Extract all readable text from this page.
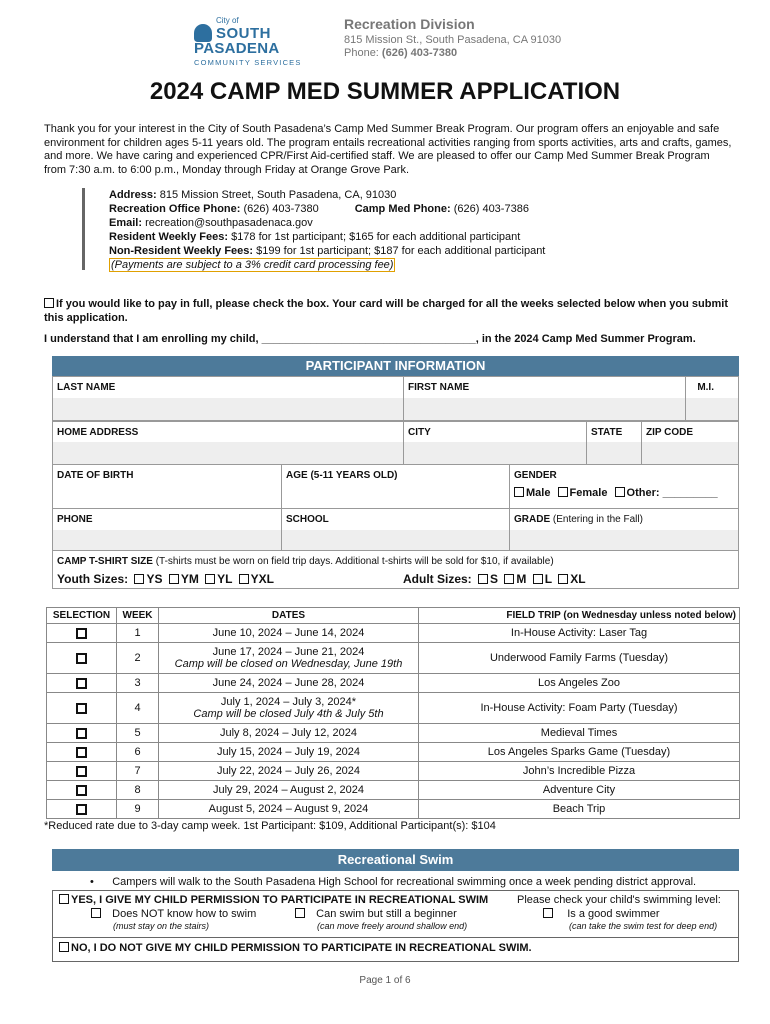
City of
SOUTH
PASADENA
COMMUNITY SERVICES
Recreation Division
815 Mission St., South Pasadena, CA 91030
Phone: (626) 403-7380
2024 CAMP MED SUMMER APPLICATION
Thank you for your interest in the City of South Pasadena’s Camp Med Summer Break Program. Our program offers an enjoyable and safe environment for children ages 5-11 years old. The program entails recreational activities ranging from sports activities, arts and crafts, games, and more. We have caring and experienced CPR/First Aid-certified staff. We are pleased to offer our Camp Med Summer Break Program from 7:30 a.m. to 6:00 p.m., Monday through Friday at Orange Grove Park.
Address: 815 Mission Street, South Pasadena, CA, 91030
Recreation Office Phone: (626) 403-7380	Camp Med Phone: (626) 403-7386
Email: recreation@southpasadenaca.gov
Resident Weekly Fees: $178 for 1st participant; $165 for each additional participant
Non-Resident Weekly Fees: $199 for 1st participant; $187 for each additional participant
(Payments are subject to a 3% credit card processing fee)
If you would like to pay in full, please check the box. Your card will be charged for all the weeks selected below when you submit this application.
I understand that I am enrolling my child, ___________________________________, in the 2024 Camp Med Summer Program.
PARTICIPANT INFORMATION
LAST NAME	FIRST NAME	M.I.
HOME ADDRESS	CITY	STATE ZIP CODE
DATE OF BIRTH	AGE (5-11 YEARS OLD)	GENDER
Male Female Other: _________
PHONE	SCHOOL	GRADE (Entering in the Fall)
CAMP T-SHIRT SIZE (T-shirts must be worn on field trip days. Additional t-shirts will be sold for $10, if available)
Youth Sizes: YS YM YL YXL	Adult Sizes: S M L XL
SELECTION	WEEK	DATES	FIELD TRIP (on Wednesday unless noted below)
	1	June 10, 2024 – June 14, 2024	In-House Activity: Laser Tag
	2	June 17, 2024 – June 21, 2024
Camp will be closed on Wednesday, June 19th	Underwood Family Farms (Tuesday)
	3	June 24, 2024 – June 28, 2024	Los Angeles Zoo
	4	July 1, 2024 – July 3, 2024*
Camp will be closed July 4th & July 5th	In-House Activity: Foam Party (Tuesday)
	5	July 8, 2024 – July 12, 2024	Medieval Times
	6	July 15, 2024 – July 19, 2024	Los Angeles Sparks Game (Tuesday)
	7	July 22, 2024 – July 26, 2024	John’s Incredible Pizza
	8	July 29, 2024 – August 2, 2024	Adventure City
	9	August 5, 2024 – August 9, 2024	Beach Trip
*Reduced rate due to 3-day camp week. 1st Participant: $109, Additional Participant(s): $104
Recreational Swim
•      Campers will walk to the South Pasadena High School for recreational swimming once a week pending district approval.
YES, I GIVE MY CHILD PERMISSION TO PARTICIPATE IN RECREATIONAL SWIM	Please check your child's swimming level:
Does NOT know how to swim
(must stay on the stairs)
Can swim but still a beginner
(can move freely around shallow end)
Is a good swimmer
(can take the swim test for deep end)
NO, I DO NOT GIVE MY CHILD PERMISSION TO PARTICIPATE IN RECREATIONAL SWIM.
Page 1 of 6
